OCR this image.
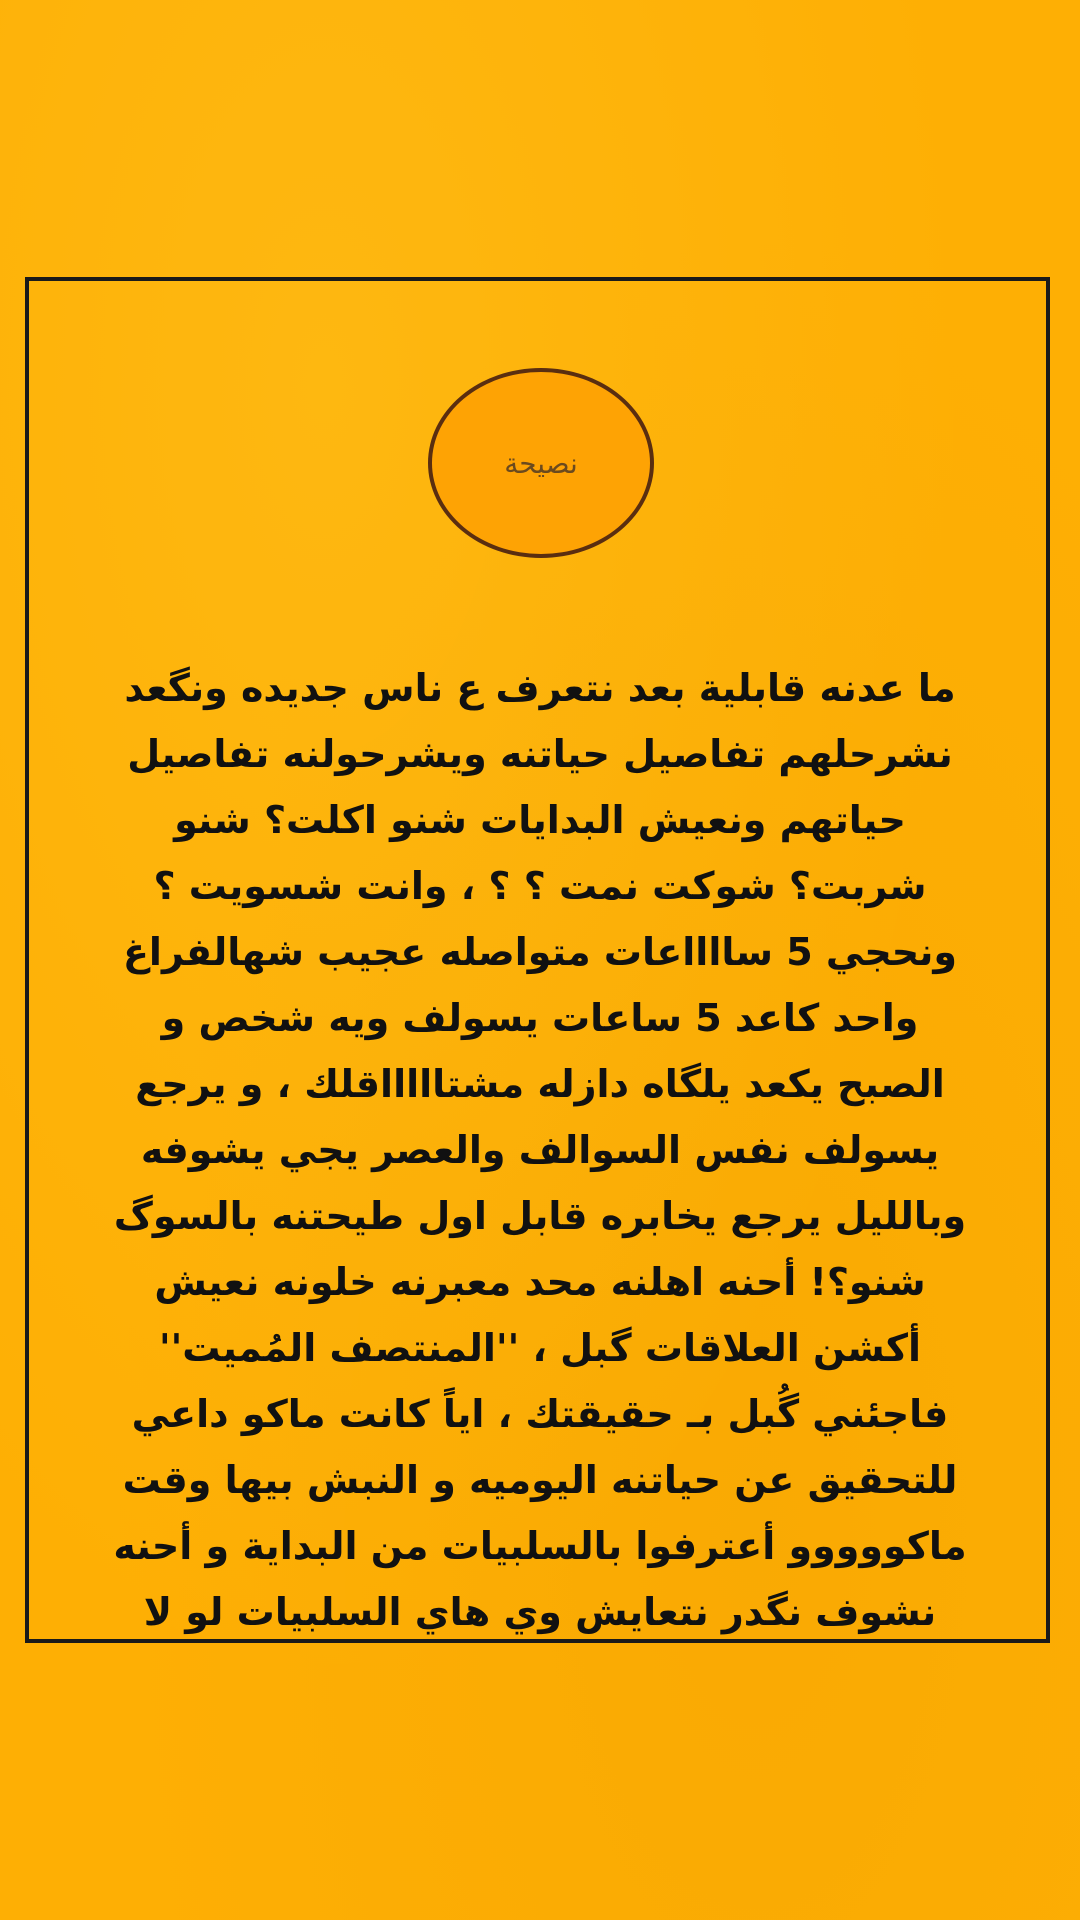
نصيحة
ما عدنه قابلية بعد نتعرف ع ناس جديده ونگعد
نشرحلهم تفاصيل حياتنه ويشرحولنه تفاصيل
حياتهم ونعيش البدايات شنو اكلت؟ شنو
شربت؟ شوكت نمت ؟ ؟ ، وانت شسويت ؟
ونحجي 5 سااااعات متواصله عجيب شهالفراغ
واحد كاعد 5 ساعات يسولف ويه شخص و
الصبح يكعد يلگاه دازله مشتاااااقلك ، و يرجع
يسولف نفس السوالف والعصر يجي يشوفه
وبالليل يرجع يخابره قابل اول طيحتنه بالسوگ
شنو؟! أحنه اهلنه محد معبرنه خلونه نعيش
أكشن العلاقات گبل ، ''المنتصف المُميت''
فاجئني گُبل بـ حقيقتك ، اياً كانت ماكو داعي
للتحقيق عن حياتنه اليوميه و النبش بيها وقت
ماكووووو أعترفوا بالسلبيات من البداية و أحنه
نشوف نگدر نتعايش وي هاي السلبيات لو لا
